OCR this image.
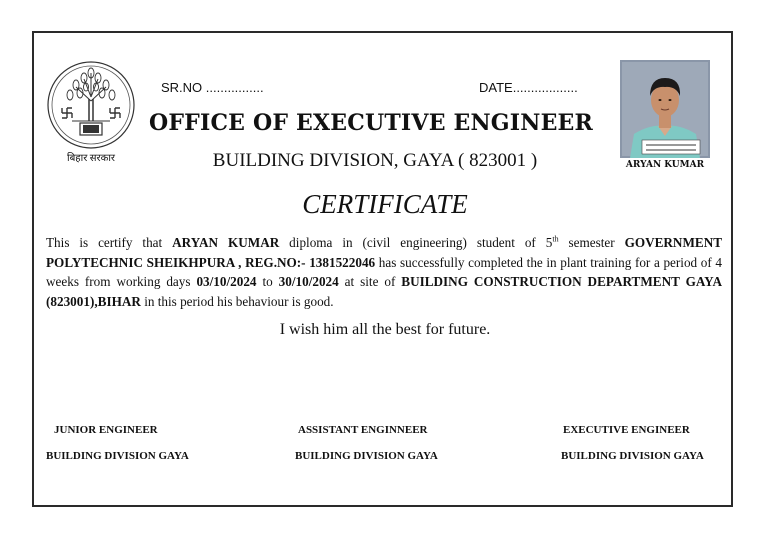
बिहार सरकार
SR.NO ................	DATE..................
OFFICE OF EXECUTIVE ENGINEER
BUILDING DIVISION, GAYA ( 823001 )	ARYAN KUMAR
CERTIFICATE
This is certify that ARYAN KUMAR diploma in (civil engineering) student of 5th semester GOVERNMENT POLYTECHNIC SHEIKHPURA , REG.NO:- 1381522046 has successfully completed the in plant training for a period of 4 weeks from working days 03/10/2024 to 30/10/2024 at site of BUILDING CONSTRUCTION DEPARTMENT GAYA (823001),BIHAR in this period his behaviour is good.
I wish him all the best for future.
JUNIOR ENGINEER
BUILDING DIVISION GAYA
ASSISTANT ENGINNEER
BUILDING DIVISION GAYA
EXECUTIVE ENGINEER
BUILDING DIVISION GAYA
